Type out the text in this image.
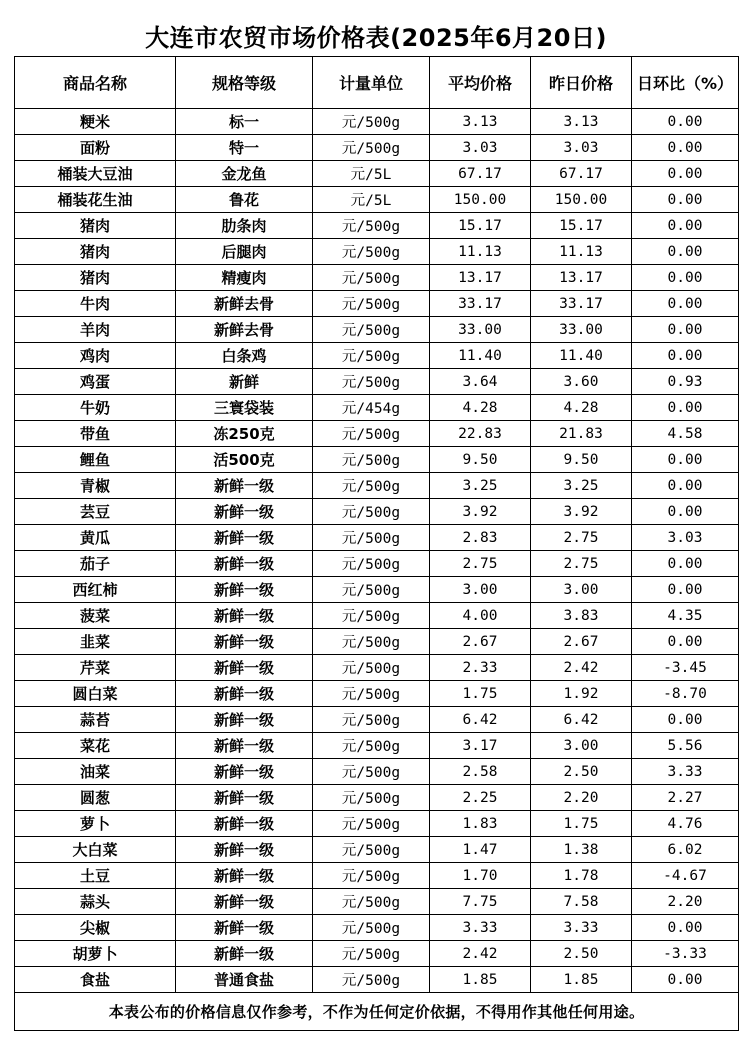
大连市农贸市场价格表(2025年6月20日)
商品名称	规格等级	计量单位	平均价格	昨日价格	日环比（%）
粳米	标一	元/500g	3.13	3.13	0.00
面粉	特一	元/500g	3.03	3.03	0.00
桶装大豆油	金龙鱼	元/5L	67.17	67.17	0.00
桶装花生油	鲁花	元/5L	150.00	150.00	0.00
猪肉	肋条肉	元/500g	15.17	15.17	0.00
猪肉	后腿肉	元/500g	11.13	11.13	0.00
猪肉	精瘦肉	元/500g	13.17	13.17	0.00
牛肉	新鲜去骨	元/500g	33.17	33.17	0.00
羊肉	新鲜去骨	元/500g	33.00	33.00	0.00
鸡肉	白条鸡	元/500g	11.40	11.40	0.00
鸡蛋	新鲜	元/500g	3.64	3.60	0.93
牛奶	三寰袋装	元/454g	4.28	4.28	0.00
带鱼	冻250克	元/500g	22.83	21.83	4.58
鲤鱼	活500克	元/500g	9.50	9.50	0.00
青椒	新鲜一级	元/500g	3.25	3.25	0.00
芸豆	新鲜一级	元/500g	3.92	3.92	0.00
黄瓜	新鲜一级	元/500g	2.83	2.75	3.03
茄子	新鲜一级	元/500g	2.75	2.75	0.00
西红柿	新鲜一级	元/500g	3.00	3.00	0.00
菠菜	新鲜一级	元/500g	4.00	3.83	4.35
韭菜	新鲜一级	元/500g	2.67	2.67	0.00
芹菜	新鲜一级	元/500g	2.33	2.42	-3.45
圆白菜	新鲜一级	元/500g	1.75	1.92	-8.70
蒜苔	新鲜一级	元/500g	6.42	6.42	0.00
菜花	新鲜一级	元/500g	3.17	3.00	5.56
油菜	新鲜一级	元/500g	2.58	2.50	3.33
圆葱	新鲜一级	元/500g	2.25	2.20	2.27
萝卜	新鲜一级	元/500g	1.83	1.75	4.76
大白菜	新鲜一级	元/500g	1.47	1.38	6.02
土豆	新鲜一级	元/500g	1.70	1.78	-4.67
蒜头	新鲜一级	元/500g	7.75	7.58	2.20
尖椒	新鲜一级	元/500g	3.33	3.33	0.00
胡萝卜	新鲜一级	元/500g	2.42	2.50	-3.33
食盐	普通食盐	元/500g	1.85	1.85	0.00
本表公布的价格信息仅作参考，不作为任何定价依据，不得用作其他任何用途。					
